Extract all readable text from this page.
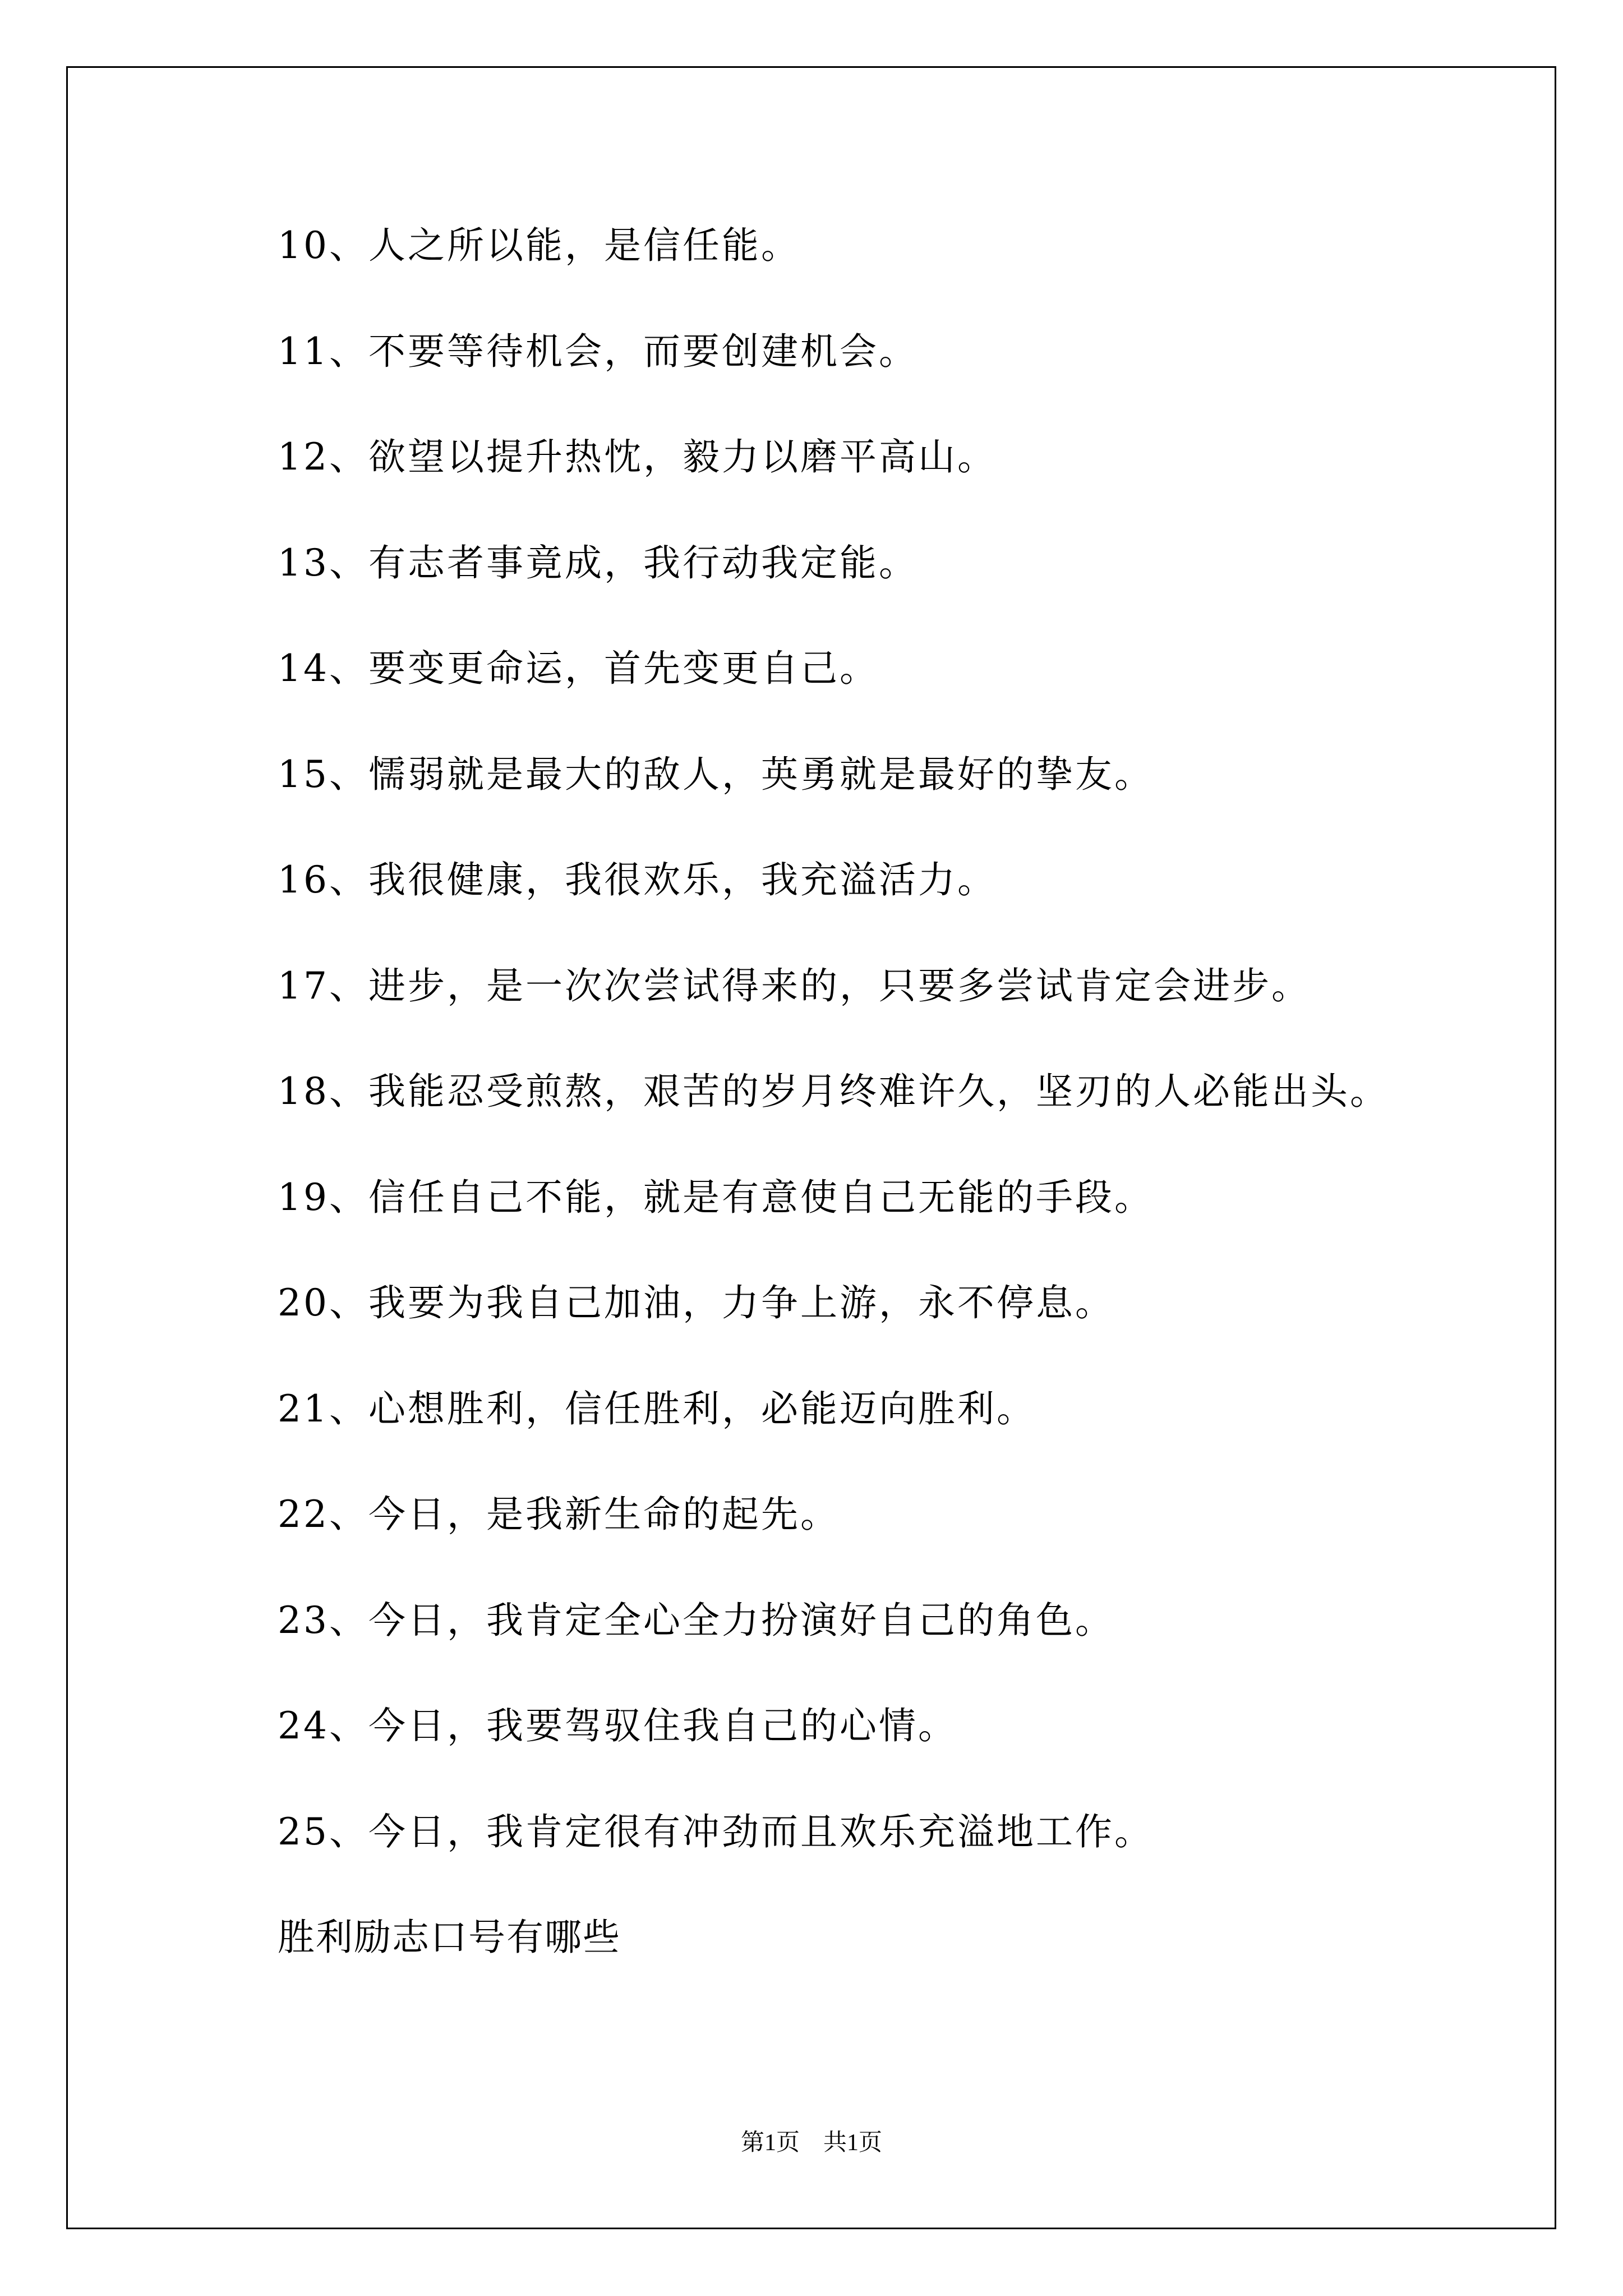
10、人之所以能，是信任能。
11、不要等待机会，而要创建机会。
12、欲望以提升热忱，毅力以磨平高山。
13、有志者事竟成，我行动我定能。
14、要变更命运，首先变更自己。
15、懦弱就是最大的敌人，英勇就是最好的挚友。
16、我很健康，我很欢乐，我充溢活力。
17、进步，是一次次尝试得来的，只要多尝试肯定会进步。
18、我能忍受煎熬，艰苦的岁月终难许久，坚刃的人必能出头。
19、信任自己不能，就是有意使自己无能的手段。
20、我要为我自己加油，力争上游，永不停息。
21、心想胜利，信任胜利，必能迈向胜利。
22、今日，是我新生命的起先。
23、今日，我肯定全心全力扮演好自己的角色。
24、今日，我要驾驭住我自己的心情。
25、今日，我肯定很有冲劲而且欢乐充溢地工作。
胜利励志口号有哪些
第1页　共1页
